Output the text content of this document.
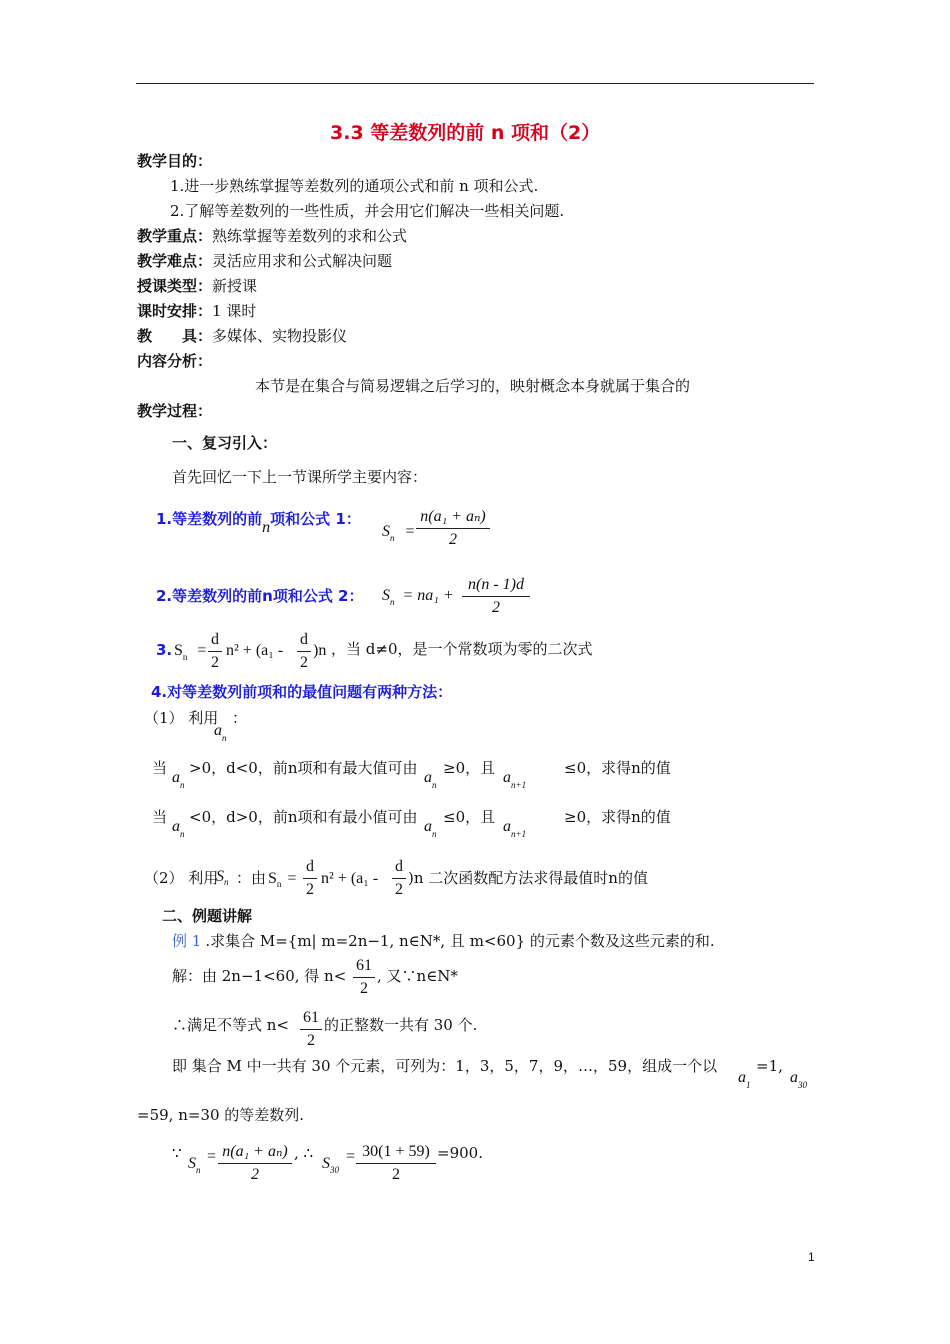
3.3 等差数列的前 n 项和（2）
教学目的：
1.进一步熟练掌握等差数列的通项公式和前 n 项和公式.
2.了解等差数列的一些性质，并会用它们解决一些相关问题.
教学重点：熟练掌握等差数列的求和公式
教学难点：灵活应用求和公式解决问题
授课类型：新授课
课时安排：1 课时
教 具：多媒体、实物投影仪
内容分析：
本节是在集合与简易逻辑之后学习的，映射概念本身就属于集合的
教学过程：
一、复习引入：
首先回忆一下上一节课所学主要内容：
1.等差数列的前n项和公式 1：
$S_n$ =
n(a₁ + aₙ)
2
2.等差数列的前n项和公式 2： $S_n = na_1$ +
n(n - 1)d
2
3. $S_n$ =
d
2
n² + (a₁ -
d
2
)n ，当 d≠0，是一个常数项为零的二次式
4.对等差数列前项和的最值问题有两种方法：
（1） 利用
$a_n$
：
当
$a_n$
>0，d<0，前n项和有最大值可由
$a_n$
≥0，且
$a_{n+1}$
≤0，求得n的值
当
$a_n$
<0，d>0，前n项和有最小值可由
$a_n$
≤0，且
$a_{n+1}$
≥0，求得n的值
（2） 利用
$S_n$ ：由 $S_n$ =
d
2
n² + (a₁ -
d
2
)n 二次函数配方法求得最值时n的值
二、例题讲解
例 1 .求集合 M={m| m=2n−1, n∈N*, 且 m<60} 的元素个数及这些元素的和.
解：由 2n−1<60, 得 n<
61
2
, 又∵n∈N*
∴满足不等式 n< 61
2
的正整数一共有 30 个.
即 集合 M 中一共有 30 个元素，可列为：1，3，5，7，9，…，59，组成一个以
$a_1$
=1,
$a_{30}$
=59, n=30 的等差数列.
∵
$S_n$
= n(a₁ + aₙ)
2
, ∴
$S_{30}$
= 30(1 + 59)
2
=900.
1
